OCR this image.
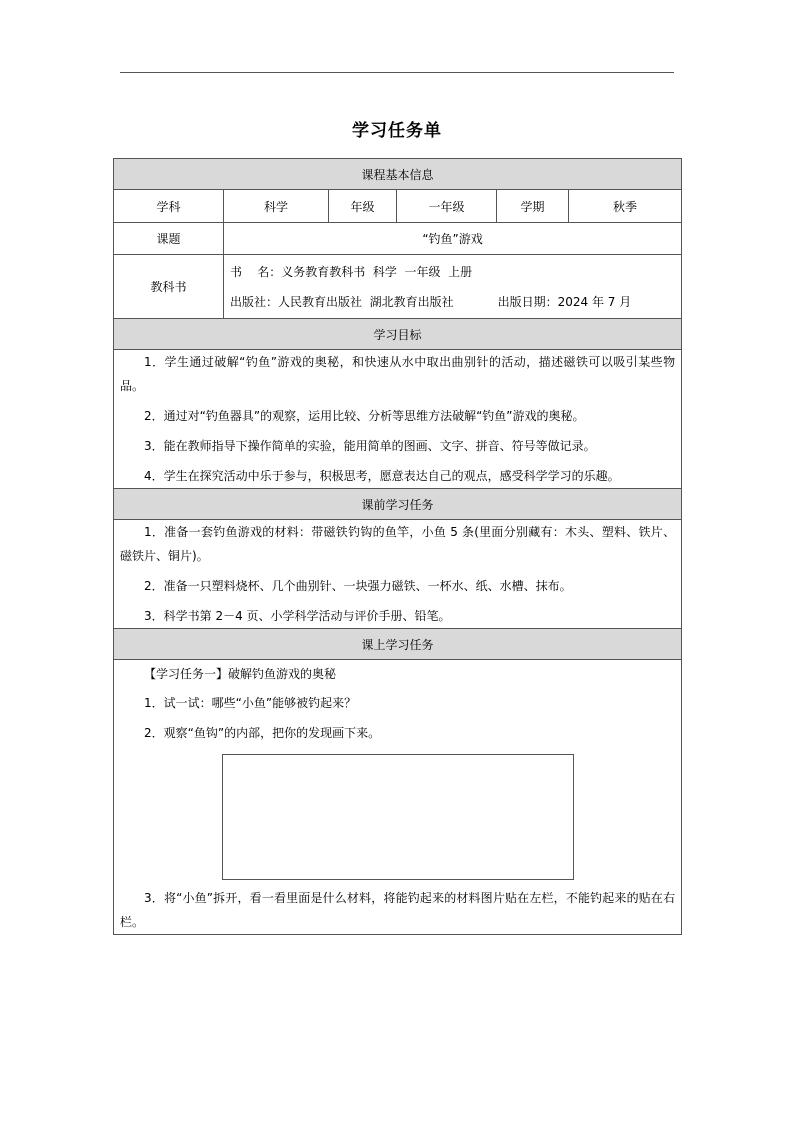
学习任务单
课程基本信息					
学科	科学	年级	一年级	学期	秋季
课题	“钓鱼”游戏				
教科书	书    名：义务教育教科书  科学  一年级  上册
出版社：人民教育出版社  湖北教育出版社 出版日期：2024 年 7 月				

学习目标					

1．学生通过破解“钓鱼”游戏的奥秘，和快速从水中取出曲别针的活动，描述磁铁可以吸引某些物品。

2．通过对“钓鱼器具”的观察，运用比较、分析等思维方法破解“钓鱼”游戏的奥秘。

3．能在教师指导下操作简单的实验，能用简单的图画、文字、拼音、符号等做记录。

4．学生在探究活动中乐于参与，积极思考，愿意表达自己的观点，感受科学学习的乐趣。					

课前学习任务					

1．准备一套钓鱼游戏的材料：带磁铁钓钩的鱼竿，小鱼 5 条(里面分别藏有：木头、塑料、铁片、磁铁片、铜片)。

2．准备一只塑料烧杯、几个曲别针、一块强力磁铁、一杯水、纸、水槽、抹布。

3．科学书第 2－4 页、小学科学活动与评价手册、铅笔。					

课上学习任务					

【学习任务一】破解钓鱼游戏的奥秘

1．试一试：哪些“小鱼”能够被钓起来？

2．观察“鱼钩”的内部，把你的发现画下来。

3．将“小鱼”拆开，看一看里面是什么材料，将能钓起来的材料图片贴在左栏，不能钓起来的贴在右栏。					
